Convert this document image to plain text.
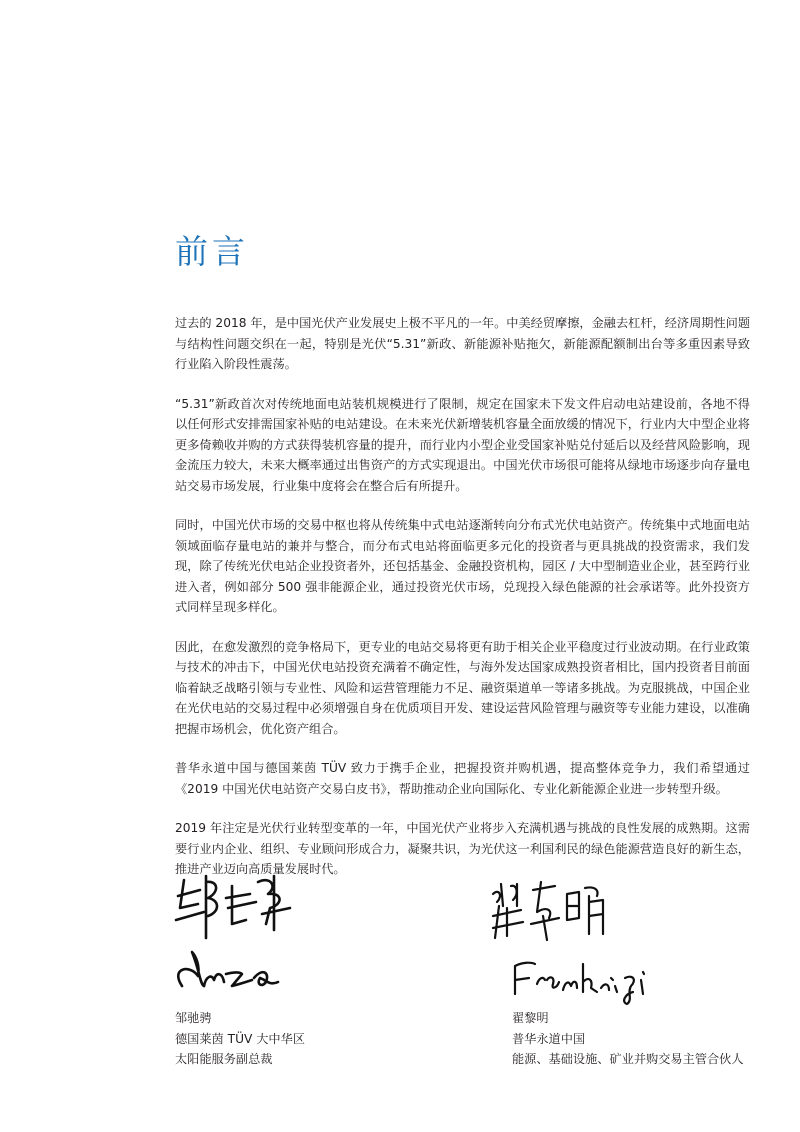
前言

过去的 2018 年，是中国光伏产业发展史上极不平凡的一年。中美经贸摩擦，金融去杠杆，经济周期性问题与结构性问题交织在一起，特别是光伏“5.31”新政、新能源补贴拖欠，新能源配额制出台等多重因素导致行业陷入阶段性震荡。

“5.31”新政首次对传统地面电站装机规模进行了限制，规定在国家未下发文件启动电站建设前，各地不得以任何形式安排需国家补贴的电站建设。在未来光伏新增装机容量全面放缓的情况下，行业内大中型企业将更多倚赖收并购的方式获得装机容量的提升，而行业内小型企业受国家补贴兑付延后以及经营风险影响，现金流压力较大，未来大概率通过出售资产的方式实现退出。中国光伏市场很可能将从绿地市场逐步向存量电站交易市场发展，行业集中度将会在整合后有所提升。

同时，中国光伏市场的交易中枢也将从传统集中式电站逐渐转向分布式光伏电站资产。传统集中式地面电站领域面临存量电站的兼并与整合，而分布式电站将面临更多元化的投资者与更具挑战的投资需求，我们发现，除了传统光伏电站企业投资者外，还包括基金、金融投资机构，园区 / 大中型制造业企业，甚至跨行业进入者，例如部分 500 强非能源企业，通过投资光伏市场，兑现投入绿色能源的社会承诺等。此外投资方式同样呈现多样化。

因此，在愈发激烈的竞争格局下，更专业的电站交易将更有助于相关企业平稳度过行业波动期。在行业政策与技术的冲击下，中国光伏电站投资充满着不确定性，与海外发达国家成熟投资者相比，国内投资者目前面临着缺乏战略引领与专业性、风险和运营管理能力不足、融资渠道单一等诸多挑战。为克服挑战，中国企业在光伏电站的交易过程中必须增强自身在优质项目开发、建设运营风险管理与融资等专业能力建设，以准确把握市场机会，优化资产组合。

普华永道中国与德国莱茵 TÜV 致力于携手企业，把握投资并购机遇，提高整体竞争力，我们希望通过《2019 中国光伏电站资产交易白皮书》，帮助推动企业向国际化、专业化新能源企业进一步转型升级。

2019 年注定是光伏行业转型变革的一年，中国光伏产业将步入充满机遇与挑战的良性发展的成熟期。这需要行业内企业、组织、专业顾问形成合力，凝聚共识，为光伏这一利国利民的绿色能源营造良好的新生态，推进产业迈向高质量发展时代。

邹驰骋
德国莱茵 TÜV 大中华区
太阳能服务副总裁
翟黎明
普华永道中国
能源、基础设施、矿业并购交易主管合伙人
